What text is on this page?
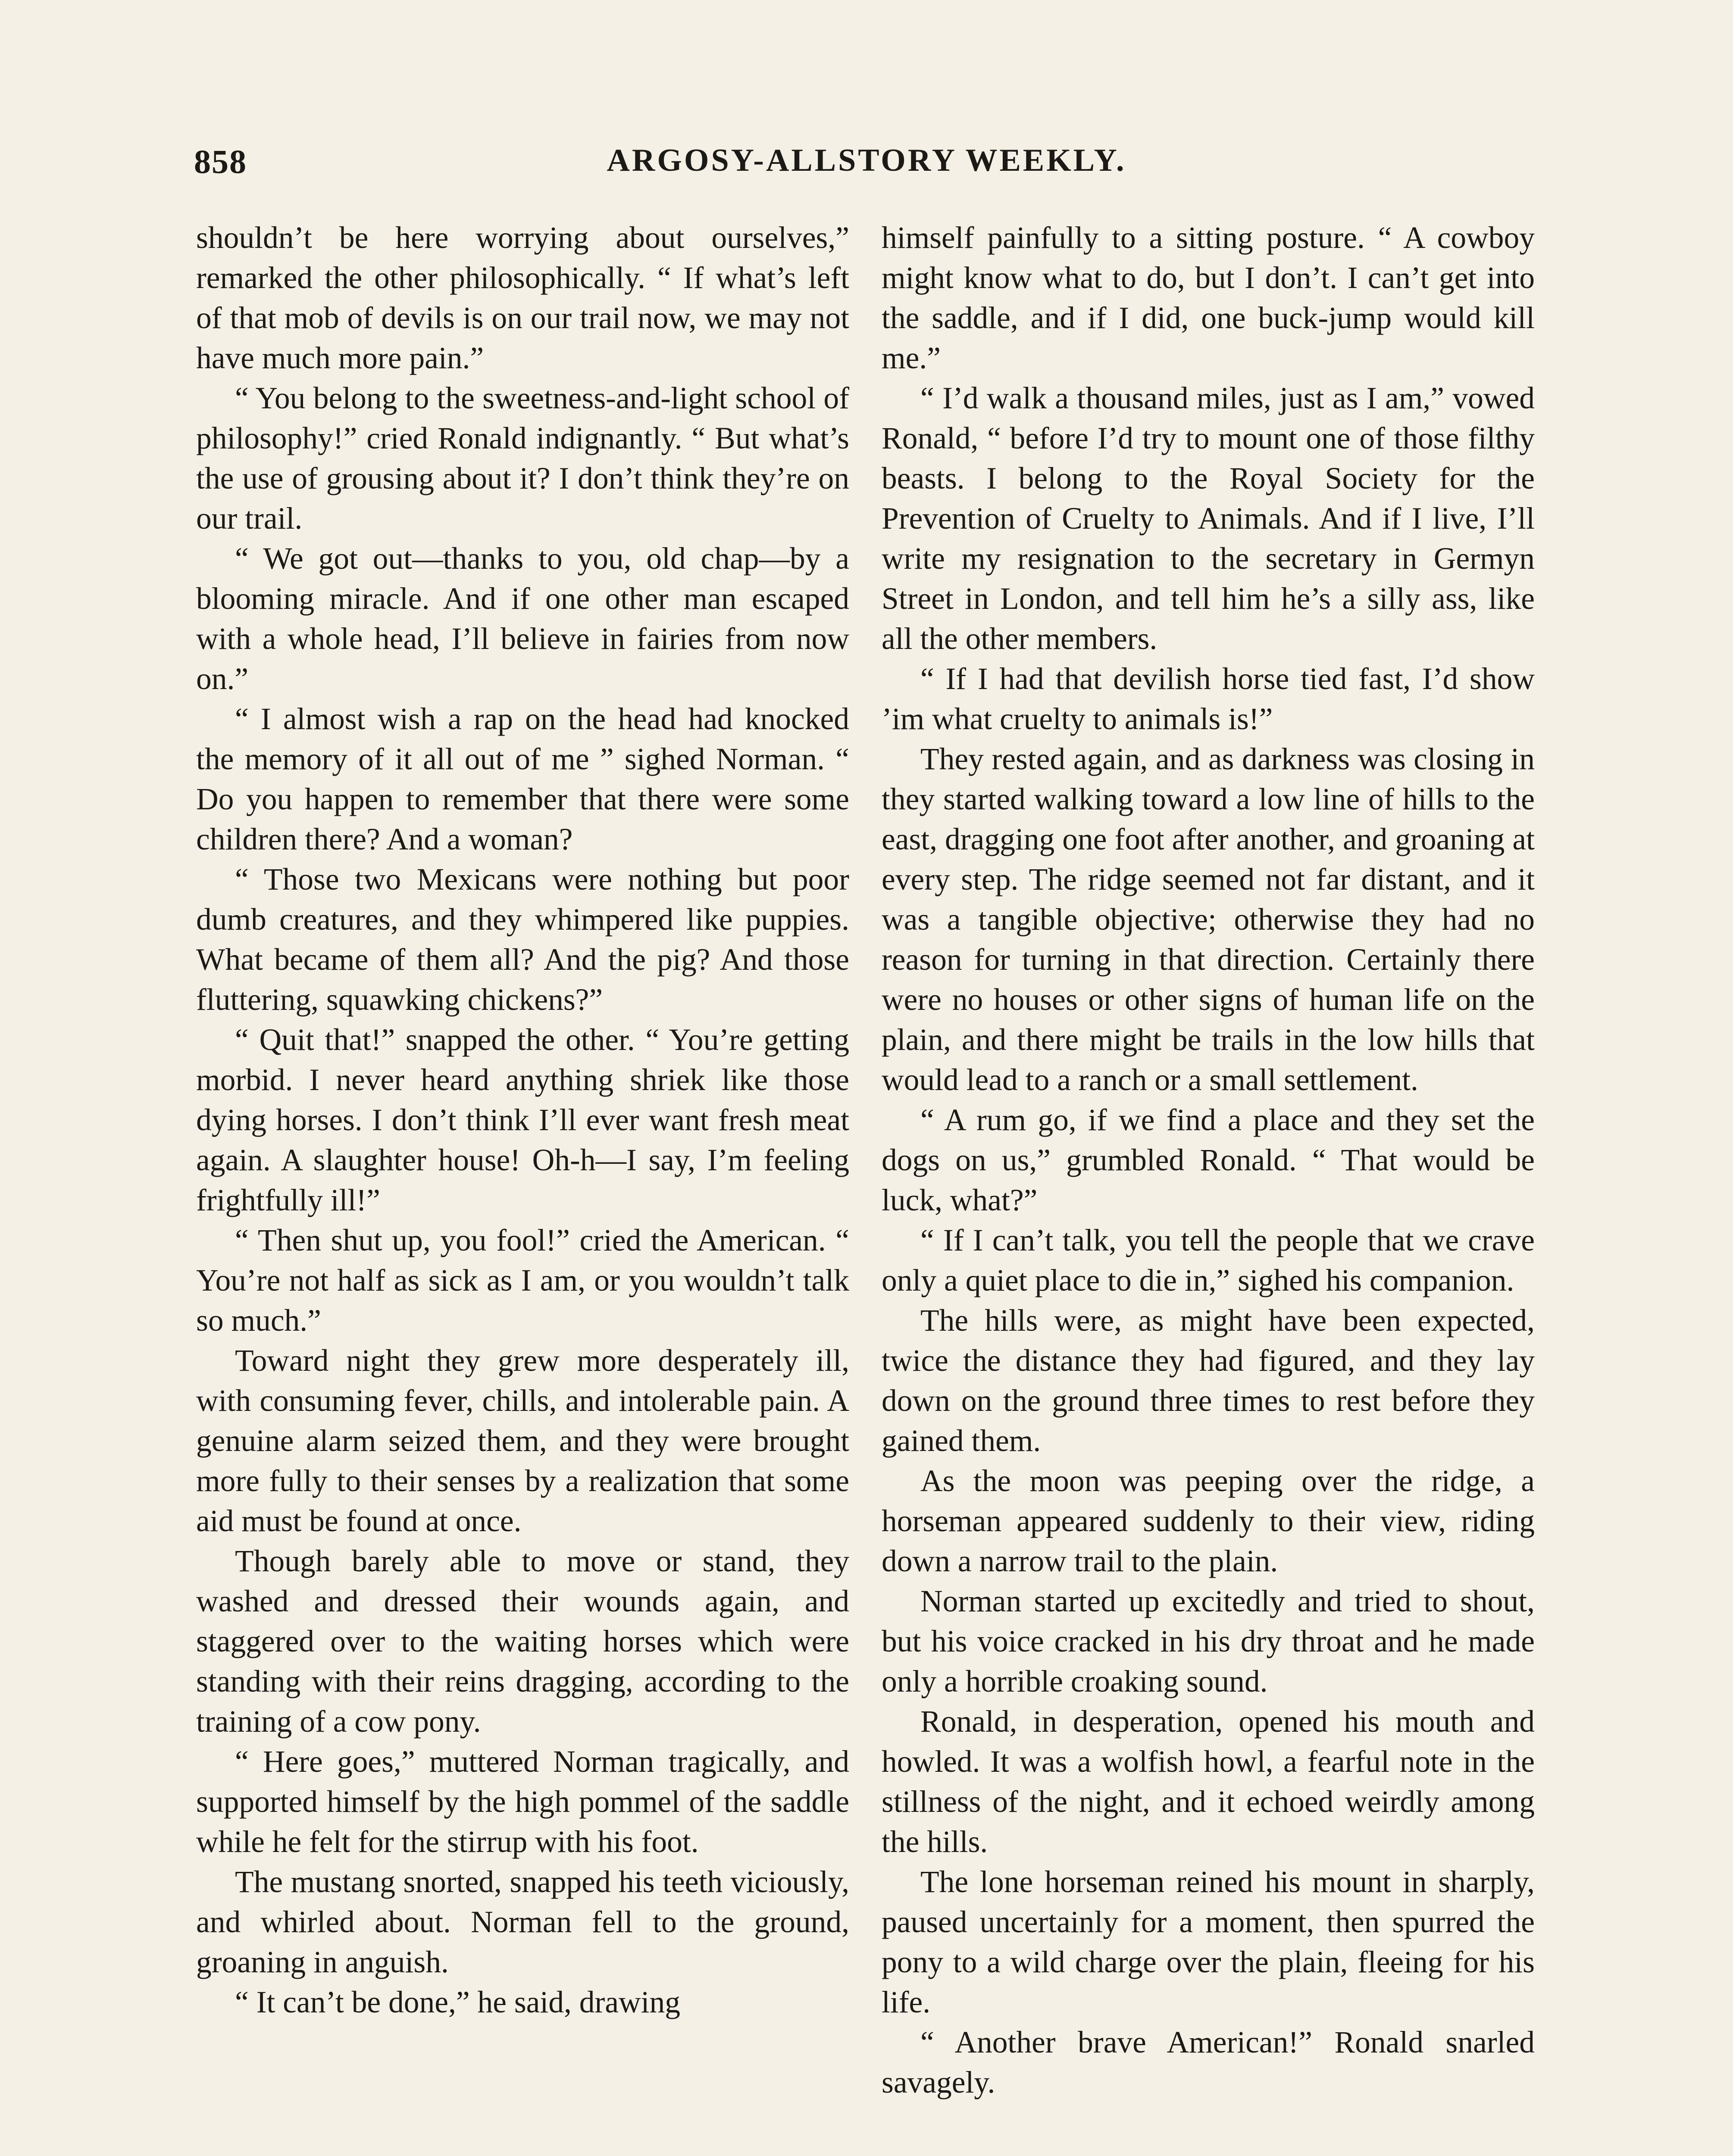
858	ARGOSY-ALLSTORY WEEKLY.

shouldn’t be here worrying about ourselves,” remarked the other philosophically. “ If what’s left of that mob of devils is on our trail now, we may not have much more pain.”

“ You belong to the sweetness-and-light school of philosophy!” cried Ronald indignantly. “ But what’s the use of grousing about it? I don’t think they’re on our trail.

“ We got out—thanks to you, old chap—by a blooming miracle. And if one other man escaped with a whole head, I’ll believe in fairies from now on.”

“ I almost wish a rap on the head had knocked the memory of it all out of me ” sighed Norman. “ Do you happen to remember that there were some children there? And a woman?

“ Those two Mexicans were nothing but poor dumb creatures, and they whimpered like puppies. What became of them all? And the pig? And those fluttering, squawking chickens?”

“ Quit that!” snapped the other. “ You’re getting morbid. I never heard anything shriek like those dying horses. I don’t think I’ll ever want fresh meat again. A slaughter house! Oh-h—I say, I’m feeling frightfully ill!”

“ Then shut up, you fool!” cried the American. “ You’re not half as sick as I am, or you wouldn’t talk so much.”

Toward night they grew more desperately ill, with consuming fever, chills, and intolerable pain. A genuine alarm seized them, and they were brought more fully to their senses by a realization that some aid must be found at once.

Though barely able to move or stand, they washed and dressed their wounds again, and staggered over to the waiting horses which were standing with their reins dragging, according to the training of a cow pony.

“ Here goes,” muttered Norman tragically, and supported himself by the high pommel of the saddle while he felt for the stirrup with his foot.

The mustang snorted, snapped his teeth viciously, and whirled about. Norman fell to the ground, groaning in anguish.

“ It can’t be done,” he said, drawing

himself painfully to a sitting posture. “ A cowboy might know what to do, but I don’t. I can’t get into the saddle, and if I did, one buck-jump would kill me.”

“ I’d walk a thousand miles, just as I am,” vowed Ronald, “ before I’d try to mount one of those filthy beasts. I belong to the Royal Society for the Prevention of Cruelty to Animals. And if I live, I’ll write my resignation to the secretary in Germyn Street in London, and tell him he’s a silly ass, like all the other members.

“ If I had that devilish horse tied fast, I’d show ’im what cruelty to animals is!”

They rested again, and as darkness was closing in they started walking toward a low line of hills to the east, dragging one foot after another, and groaning at every step. The ridge seemed not far distant, and it was a tangible objective; otherwise they had no reason for turning in that direction. Certainly there were no houses or other signs of human life on the plain, and there might be trails in the low hills that would lead to a ranch or a small settlement.

“ A rum go, if we find a place and they set the dogs on us,” grumbled Ronald. “ That would be luck, what?”

“ If I can’t talk, you tell the people that we crave only a quiet place to die in,” sighed his companion.

The hills were, as might have been expected, twice the distance they had figured, and they lay down on the ground three times to rest before they gained them.

As the moon was peeping over the ridge, a horseman appeared suddenly to their view, riding down a narrow trail to the plain.

Norman started up excitedly and tried to shout, but his voice cracked in his dry throat and he made only a horrible croaking sound.

Ronald, in desperation, opened his mouth and howled. It was a wolfish howl, a fearful note in the stillness of the night, and it echoed weirdly among the hills.

The lone horseman reined his mount in sharply, paused uncertainly for a moment, then spurred the pony to a wild charge over the plain, fleeing for his life.

“ Another brave American!” Ronald snarled savagely.
